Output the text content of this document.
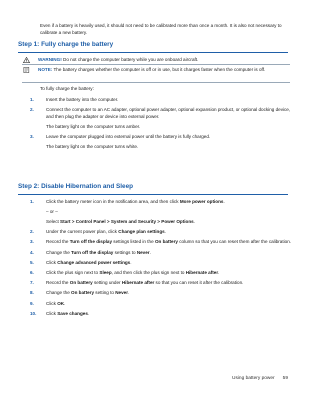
Even if a battery is heavily used, it should not need to be calibrated more than once a month. It is also not necessary to calibrate a new battery.
Step 1: Fully charge the battery
WARNING! Do not charge the computer battery while you are onboard aircraft.
NOTE: The battery charges whether the computer is off or in use, but it charges faster when the computer is off.
To fully charge the battery:
1.	Insert the battery into the computer.
2.	Connect the computer to an AC adapter, optional power adapter, optional expansion product, or optional docking device, and then plug the adapter or device into external power.
The battery light on the computer turns amber.
3.	Leave the computer plugged into external power until the battery is fully charged.
The battery light on the computer turns white.
Step 2: Disable Hibernation and Sleep
1.	Click the battery meter icon in the notification area, and then click More power options.
– or –
Select Start > Control Panel > System and Security > Power Options.
2.	Under the current power plan, click Change plan settings.
3.	Record the Turn off the display settings listed in the On battery column so that you can reset them after the calibration.
4.	Change the Turn off the display settings to Never.
5.	Click Change advanced power settings.
6.	Click the plus sign next to Sleep, and then click the plus sign next to Hibernate after.
7.	Record the On battery setting under Hibernate after so that you can reset it after the calibration.
8.	Change the On battery setting to Never.
9.	Click OK.
10.	Click Save changes.
Using battery power 59
